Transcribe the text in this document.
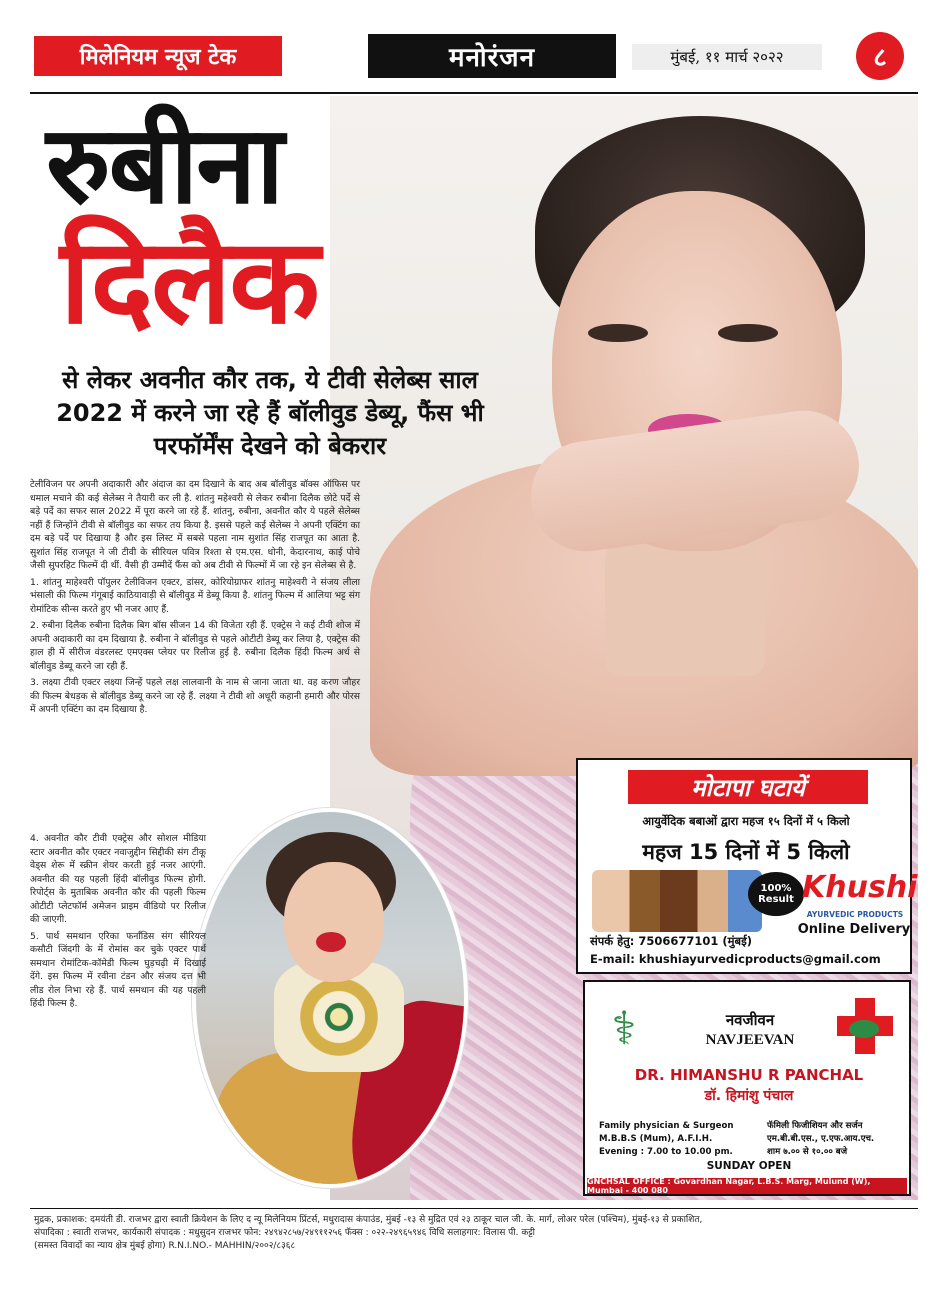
मिलेनियम न्यूज टेक	मनोरंजन	मुंबई, ११ मार्च २०२२	८
रुबीना
दिलैक
से लेकर अवनीत कौर तक, ये टीवी सेलेब्स साल 2022 में करने जा रहे हैं बॉलीवुड डेब्यू, फैंस भी परफॉर्मेंस देखने को बेकरार

टेलीविजन पर अपनी अदाकारी और अंदाज का दम दिखाने के बाद अब बॉलीवुड बॉक्स ऑफिस पर धमाल मचाने की कई सेलेब्स ने तैयारी कर ली है. शांतनु महेश्वरी से लेकर रुबीना दिलैक छोटे पर्दे से बड़े पर्दे का सफर साल 2022 में पूरा करने जा रहे हैं. शांतनु, रुबीना, अवनीत कौर ये पहले सेलेब्स नहीं हैं जिन्होंने टीवी से बॉलीवुड का सफर तय किया है. इससे पहले कई सेलेब्स ने अपनी एक्टिंग का दम बड़े पर्दे पर दिखाया है और इस लिस्ट में सबसे पहला नाम सुशांत सिंह राजपूत का आता है. सुशांत सिंह राजपूत ने जी टीवी के सीरियल पवित्र रिश्ता से एम.एस. धोनी, केदारनाथ, काई पोचे जैसी सुपरहिट फिल्में दी थीं. वैसी ही उम्मीदें फैंस को अब टीवी से फिल्मों में जा रहे इन सेलेब्स से है.

1. शांतनु माहेश्वरी पॉपुलर टेलीविजन एक्टर, डांसर, कोरियोग्राफर शांतनु माहेश्वरी ने संजय लीला भंसाली की फिल्म गंगूबाई काठियावाड़ी से बॉलीवुड में डेब्यू किया है. शांतनु फिल्म में आलिया भट्ट संग रोमांटिक सीन्स करते हुए भी नजर आए हैं.

2. रुबीना दिलैक रुबीना दिलैक बिग बॉस सीजन 14 की विजेता रही हैं. एक्ट्रेस ने कई टीवी शोज में अपनी अदाकारी का दम दिखाया है. रुबीना ने बॉलीवुड से पहले ओटीटी डेब्यू कर लिया है, एक्ट्रेस की हाल ही में सीरीज वंडरलस्ट एमएक्स प्लेयर पर रिलीज हुई है. रुबीना दिलैक हिंदी फिल्म अर्ध से बॉलीवुड डेब्यू करने जा रही हैं.

3. लक्ष्या टीवी एक्टर लक्ष्या जिन्हें पहले लक्ष लालवानी के नाम से जाना जाता था. वह करण जौहर की फिल्म बेधड़क से बॉलीवुड डेब्यू करने जा रहे हैं. लक्ष्या ने टीवी शो अधूरी कहानी हमारी और पोरस में अपनी एक्टिंग का दम दिखाया है.

4. अवनीत कौर टीवी एक्ट्रेस और सोशल मीडिया स्टार अवनीत कौर एक्टर नवाजुद्दीन सिद्दीकी संग टीकू वेड्स शेरू में स्क्रीन शेयर करती हुई नजर आएंगी. अवनीत की यह पहली हिंदी बॉलीवुड फिल्म होगी. रिपोर्ट्स के मुताबिक अवनीत कौर की पहली फिल्म ओटीटी प्लेटफॉर्म अमेजन प्राइम वीडियो पर रिलीज की जाएगी.

5. पार्थ समथान एरिका फर्नांडिस संग सीरियल कसौटी जिंदगी के में रोमांस कर चुके एक्टर पार्थ समथान रोमांटिक-कॉमेडी फिल्म घुड़चढ़ी में दिखाई देंगे. इस फिल्म में रवीना टंडन और संजय दत्त भी लीड रोल निभा रहे हैं. पार्थ समथान की यह पहली हिंदी फिल्म है.

मोटापा घटायें
आयुर्वेदिक बबाओं द्वारा महज १५ दिनों में ५ किलो
महज 15 दिनों में 5 किलो
100%
Result Khushi
AYURVEDIC PRODUCTS
Online Delivery
संपर्क हेतु: 7506677101 (मुंबई)
E-mail: khushiayurvedicproducts@gmail.com
⚕	नवजीवन
NAVJEEVAN
DR. HIMANSHU R PANCHAL
डॉ. हिमांशु पंचाल
Family physician & Surgeon
M.B.B.S (Mum), A.F.I.H.
Evening : 7.00 to 10.00 pm.
फॅमिली फिजीशियन और सर्जन
एम.बी.बी.एस., ए.एफ.आय.एच.
शाम ७.०० से १०.०० बजे
SUNDAY OPEN
GNCHSAL OFFICE : Govardhan Nagar, L.B.S. Marg, Mulund (W), Mumbai - 400 080
मुद्रक, प्रकाशक: दमयंती डी. राजभर द्वारा स्वाती क्रियेशन के लिए द न्यू मिलेनियम प्रिंटर्स, मधुरादास कंपाउंड, मुंबई -१३ से मुद्रित एवं २३ ठाकूर चाल जी. के. मार्ग, लोअर परेल (पश्चिम), मुंबई-१३ से प्रकाशित,
संपादिका : स्वाती राजभर, कार्यकारी संपादक : मधुसुदन राजभर फोन: २४९४२८५७/२४९११२५६ फॅक्स : ०२२-२४९६५९४६ विधि सलाहगार: विलास पी. कट्टी
(समस्त विवादों का न्याय क्षेत्र मुंबई होगा) R.N.I.NO.- MAHHIN/२००२/८३६८
